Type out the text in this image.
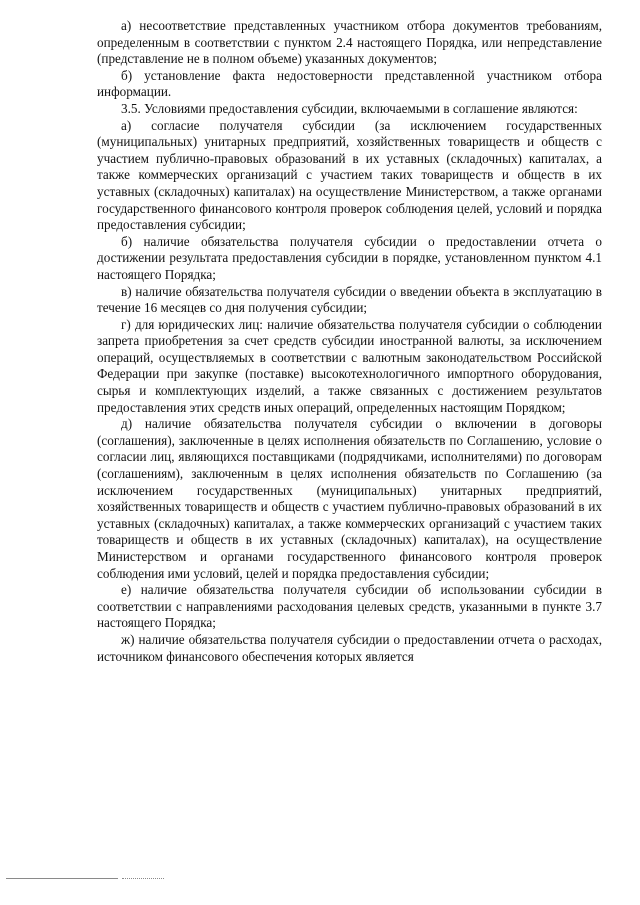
а) несоответствие представленных участником отбора документов требованиям, определенным в соответствии с пунктом 2.4 настоящего Порядка, или непредставление (представление не в полном объеме) указанных документов;

б) установление факта недостоверности представленной участником отбора информации.

3.5. Условиями предоставления субсидии, включаемыми в соглашение являются:

а) согласие получателя субсидии (за исключением государственных (муниципальных) унитарных предприятий, хозяйственных товариществ и обществ с участием публично-правовых образований в их уставных (складочных) капиталах, а также коммерческих организаций с участием таких товариществ и обществ в их уставных (складочных) капиталах) на осуществление Министерством, а также органами государственного финансового контроля проверок соблюдения целей, условий и порядка предоставления субсидии;

б) наличие обязательства получателя субсидии о предоставлении отчета о достижении результата предоставления субсидии в порядке, установленном пунктом 4.1 настоящего Порядка;

в) наличие обязательства получателя субсидии о введении объекта в эксплуатацию в течение 16 месяцев со дня получения субсидии;

г) для юридических лиц: наличие обязательства получателя субсидии о соблюдении запрета приобретения за счет средств субсидии иностранной валюты, за исключением операций, осуществляемых в соответствии с валютным законодательством Российской Федерации при закупке (поставке) высокотехнологичного импортного оборудования, сырья и комплектующих изделий, а также связанных с достижением результатов предоставления этих средств иных операций, определенных настоящим Порядком;

д) наличие обязательства получателя субсидии о включении в договоры (соглашения), заключенные в целях исполнения обязательств по Соглашению, условие о согласии лиц, являющихся поставщиками (подрядчиками, исполнителями) по договорам (соглашениям), заключенным в целях исполнения обязательств по Соглашению (за исключением государственных (муниципальных) унитарных предприятий, хозяйственных товариществ и обществ с участием публично-правовых образований в их уставных (складочных) капиталах, а также коммерческих организаций с участием таких товариществ и обществ в их уставных (складочных) капиталах), на осуществление Министерством и органами государственного финансового контроля проверок соблюдения ими условий, целей и порядка предоставления субсидии;

е) наличие обязательства получателя субсидии об использовании субсидии в соответствии с направлениями расходования целевых средств, указанными в пункте 3.7 настоящего Порядка;

ж) наличие обязательства получателя субсидии о предоставлении отчета о расходах, источником финансового обеспечения которых является
